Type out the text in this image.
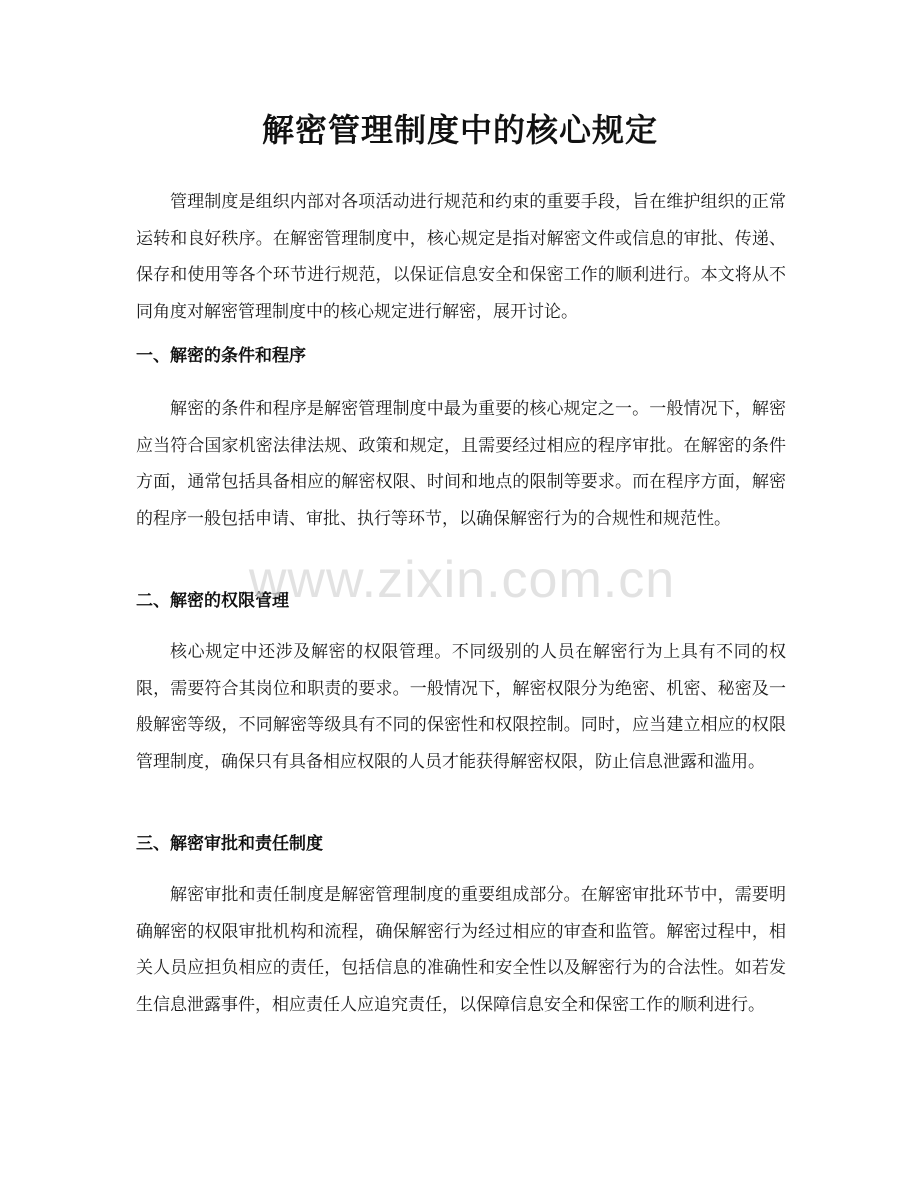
解密管理制度中的核心规定
管理制度是组织内部对各项活动进行规范和约束的重要手段，旨在维护组织的正常运转和良好秩序。在解密管理制度中，核心规定是指对解密文件或信息的审批、传递、保存和使用等各个环节进行规范，以保证信息安全和保密工作的顺利进行。本文将从不同角度对解密管理制度中的核心规定进行解密，展开讨论。
一、解密的条件和程序
解密的条件和程序是解密管理制度中最为重要的核心规定之一。一般情况下，解密应当符合国家机密法律法规、政策和规定，且需要经过相应的程序审批。在解密的条件方面，通常包括具备相应的解密权限、时间和地点的限制等要求。而在程序方面，解密的程序一般包括申请、审批、执行等环节，以确保解密行为的合规性和规范性。
二、解密的权限管理
核心规定中还涉及解密的权限管理。不同级别的人员在解密行为上具有不同的权限，需要符合其岗位和职责的要求。一般情况下，解密权限分为绝密、机密、秘密及一般解密等级，不同解密等级具有不同的保密性和权限控制。同时，应当建立相应的权限管理制度，确保只有具备相应权限的人员才能获得解密权限，防止信息泄露和滥用。
三、解密审批和责任制度
解密审批和责任制度是解密管理制度的重要组成部分。在解密审批环节中，需要明确解密的权限审批机构和流程，确保解密行为经过相应的审查和监管。解密过程中，相关人员应担负相应的责任，包括信息的准确性和安全性以及解密行为的合法性。如若发生信息泄露事件，相应责任人应追究责任，以保障信息安全和保密工作的顺利进行。
www.zixin.com.cn
